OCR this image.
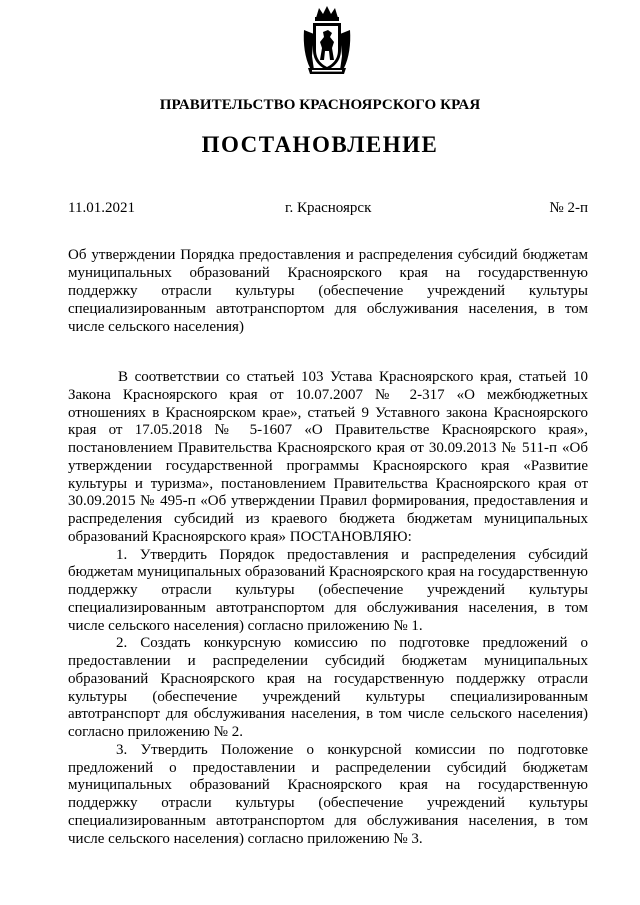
ПРАВИТЕЛЬСТВО КРАСНОЯРСКОГО КРАЯ
ПОСТАНОВЛЕНИЕ
11.01.2021	г. Красноярск	№ 2-п
Об утверждении Порядка предоставления и распределения субсидий бюджетам муниципальных образований Красноярского края на государственную поддержку отрасли культуры (обеспечение учреждений культуры специализированным автотранспортом для обслуживания населения, в том числе сельского населения)

В соответствии со статьей 103 Устава Красноярского края, статьей 10 Закона Красноярского края от 10.07.2007 № 2-317 «О межбюджетных отношениях в Красноярском крае», статьей 9 Уставного закона Красноярского края от 17.05.2018 № 5-1607 «О Правительстве Красноярского края», постановлением Правительства Красноярского края от 30.09.2013 № 511-п «Об утверждении государственной программы Красноярского края «Развитие культуры и туризма», постановлением Правительства Красноярского края от 30.09.2015 № 495-п «Об утверждении Правил формирования, предоставления и распределения субсидий из краевого бюджета бюджетам муниципальных образований Красноярского края» ПОСТАНОВЛЯЮ:

1. Утвердить Порядок предоставления и распределения субсидий бюджетам муниципальных образований Красноярского края на государственную поддержку отрасли культуры (обеспечение учреждений культуры специализированным автотранспортом для обслуживания населения, в том числе сельского населения) согласно приложению № 1.

2. Создать конкурсную комиссию по подготовке предложений о предоставлении и распределении субсидий бюджетам муниципальных образований Красноярского края на государственную поддержку отрасли культуры (обеспечение учреждений культуры специализированным автотранспорт для обслуживания населения, в том числе сельского населения) согласно приложению № 2.

3. Утвердить Положение о конкурсной комиссии по подготовке предложений о предоставлении и распределении субсидий бюджетам муниципальных образований Красноярского края на государственную поддержку отрасли культуры (обеспечение учреждений культуры специализированным автотранспортом для обслуживания населения, в том числе сельского населения) согласно приложению № 3.
